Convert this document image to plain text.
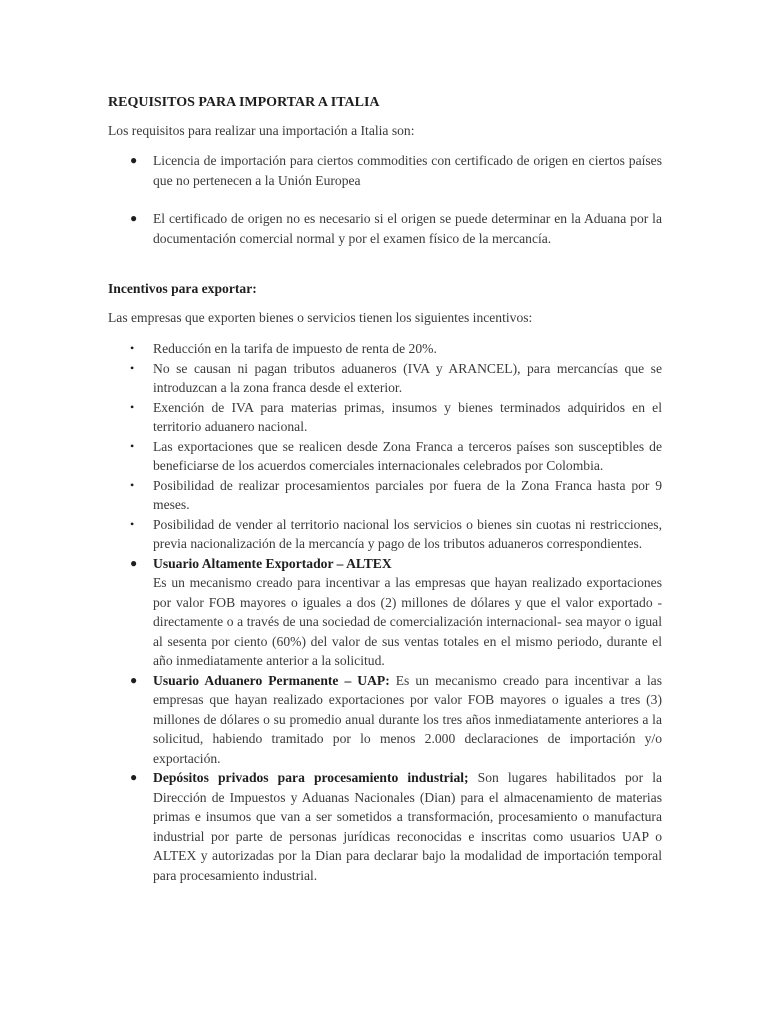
REQUISITOS PARA IMPORTAR A ITALIA

Los requisitos para realizar una importación a Italia son:

● Licencia de importación para ciertos commodities con certificado de origen en ciertos países que no pertenecen a la Unión Europea
● El certificado de origen no es necesario si el origen se puede determinar en la Aduana por la documentación comercial normal y por el examen físico de la mercancía.

Incentivos para exportar:

Las empresas que exporten bienes o servicios tienen los siguientes incentivos:

• Reducción en la tarifa de impuesto de renta de 20%.
• No se causan ni pagan tributos aduaneros (IVA y ARANCEL), para mercancías que se introduzcan a la zona franca desde el exterior.
• Exención de IVA para materias primas, insumos y bienes terminados adquiridos en el territorio aduanero nacional.
• Las exportaciones que se realicen desde Zona Franca a terceros países son susceptibles de beneficiarse de los acuerdos comerciales internacionales celebrados por Colombia.
• Posibilidad de realizar procesamientos parciales por fuera de la Zona Franca hasta por 9 meses.
• Posibilidad de vender al territorio nacional los servicios o bienes sin cuotas ni restricciones, previa nacionalización de la mercancía y pago de los tributos aduaneros correspondientes.
● Usuario Altamente Exportador – ALTEX
Es un mecanismo creado para incentivar a las empresas que hayan realizado exportaciones por valor FOB mayores o iguales a dos (2) millones de dólares y que el valor exportado -directamente o a través de una sociedad de comercialización internacional- sea mayor o igual al sesenta por ciento (60%) del valor de sus ventas totales en el mismo periodo, durante el año inmediatamente anterior a la solicitud.
● Usuario Aduanero Permanente – UAP: Es un mecanismo creado para incentivar a las empresas que hayan realizado exportaciones por valor FOB mayores o iguales a tres (3) millones de dólares o su promedio anual durante los tres años inmediatamente anteriores a la solicitud, habiendo tramitado por lo menos 2.000 declaraciones de importación y/o exportación.
● Depósitos privados para procesamiento industrial; Son lugares habilitados por la Dirección de Impuestos y Aduanas Nacionales (Dian) para el almacenamiento de materias primas e insumos que van a ser sometidos a transformación, procesamiento o manufactura industrial por parte de personas jurídicas reconocidas e inscritas como usuarios UAP o ALTEX y autorizadas por la Dian para declarar bajo la modalidad de importación temporal para procesamiento industrial.
